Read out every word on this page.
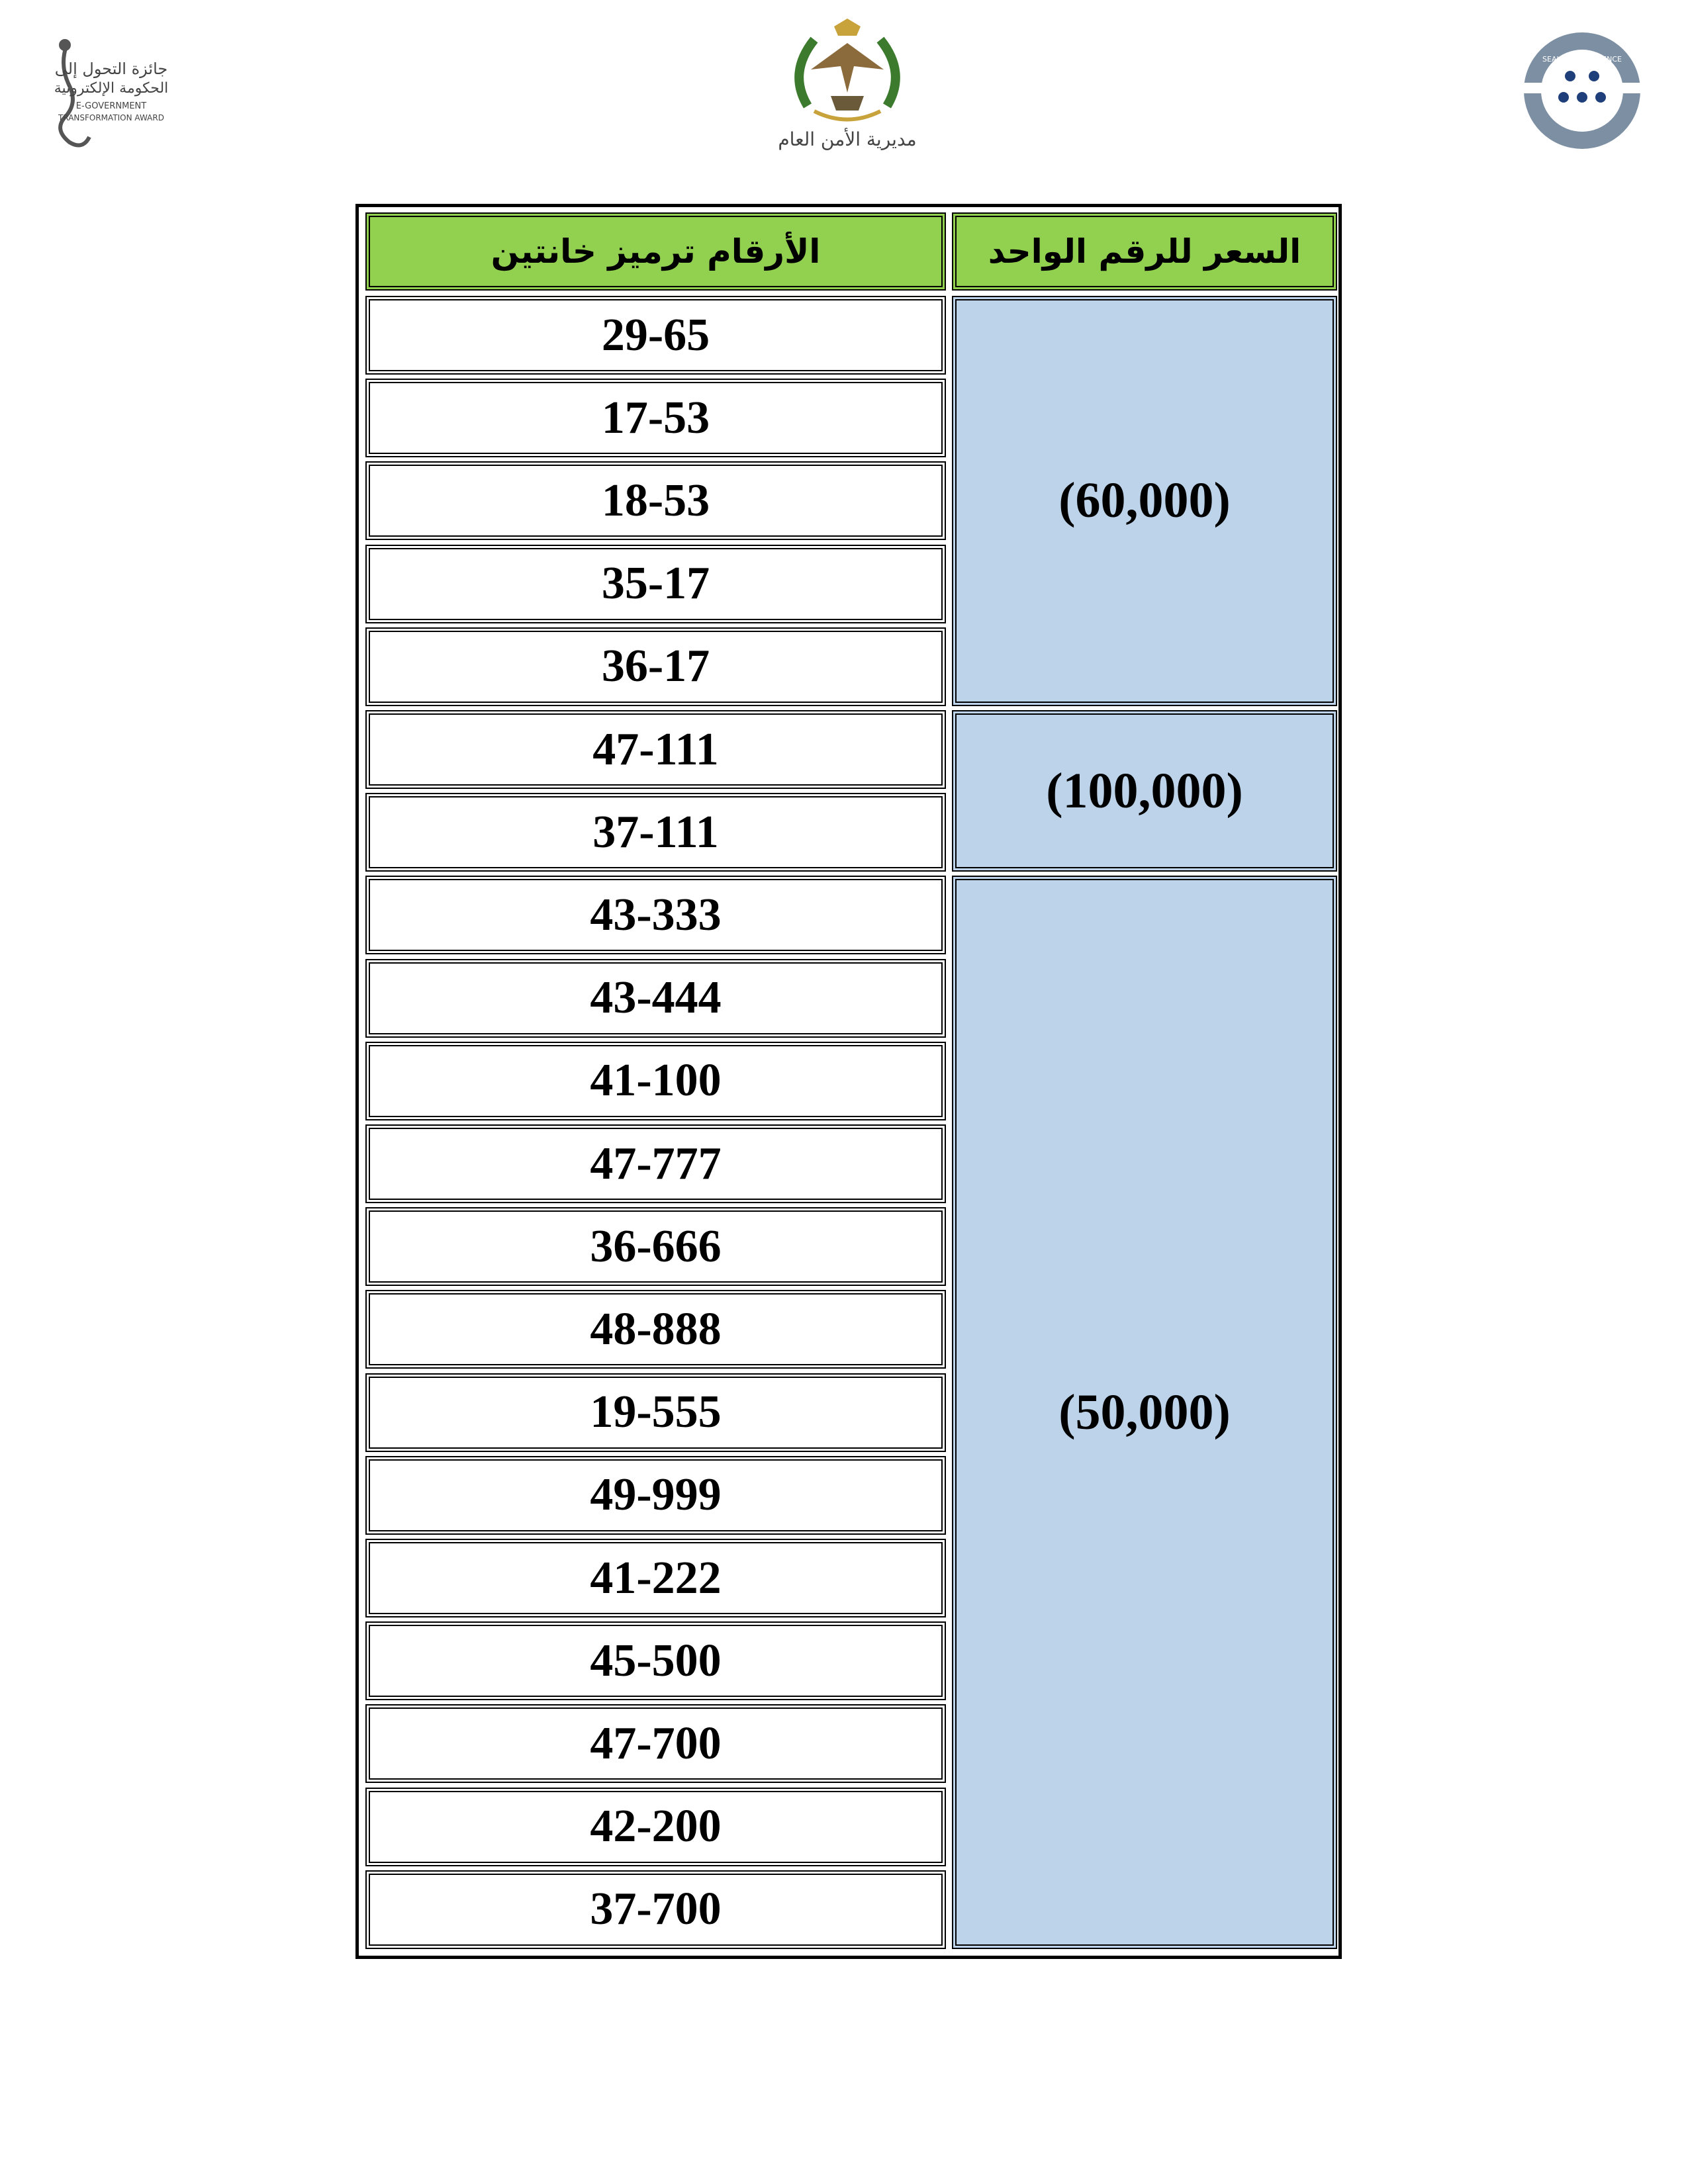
جائزة التحول إلى
الحكومة الإلكترونية
E-GOVERNMENT
TRANSFORMATION AWARD
مديرية الأمن العام
SEAL OF EXCELLENCE
الأرقام ترميز خانتين	السعر للرقم الواحد
29-65
17-53
18-53
35-17
36-17
47-111
37-111
43-333
43-444
41-100
47-777
36-666
48-888
19-555
49-999
41-222
45-500
47-700
42-200
37-700
(60,000)
(100,000)
(50,000)
